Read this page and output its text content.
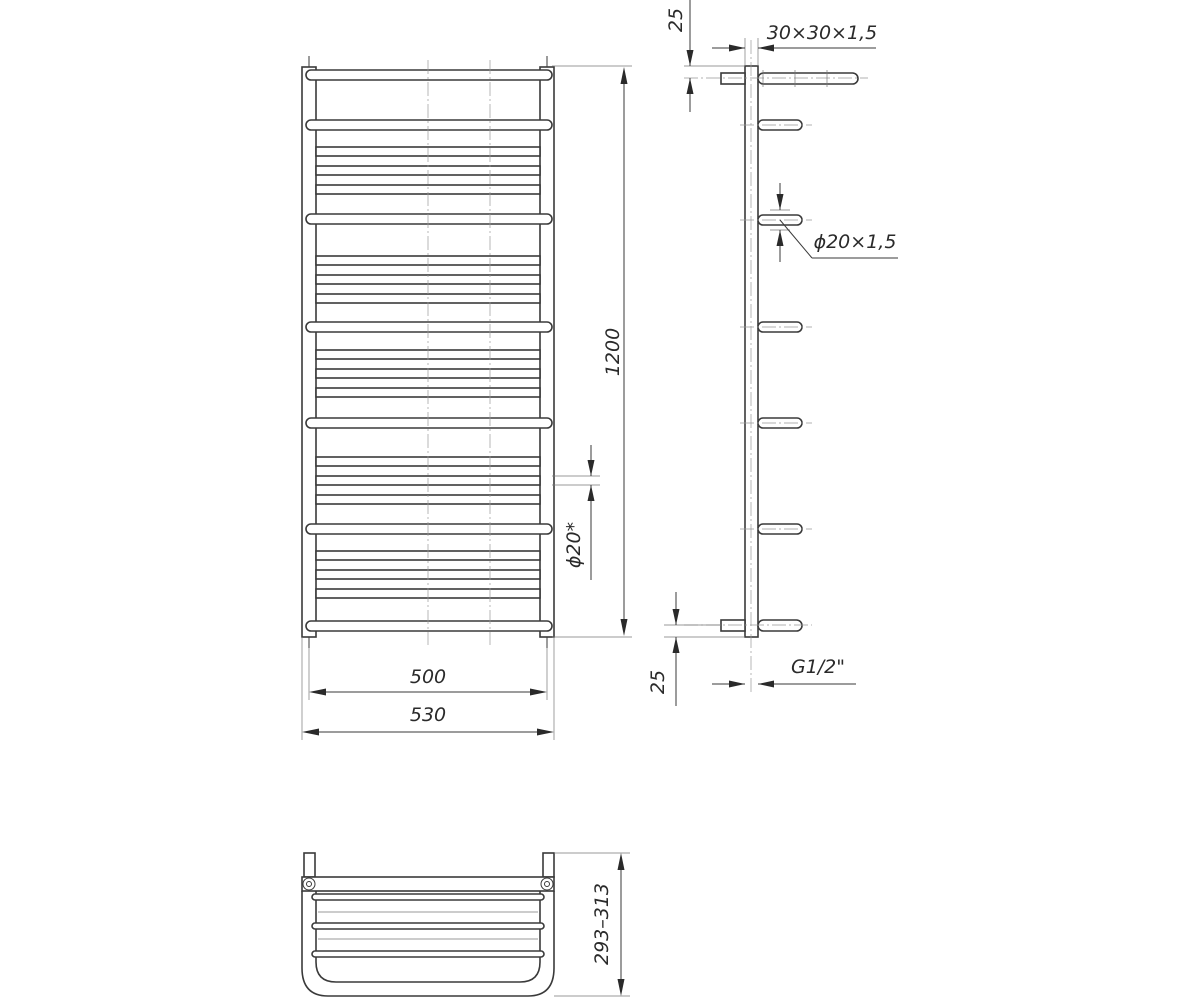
1200
ϕ20*
500
530
30×30×1,5
25
ϕ20×1,5
25
G1/2"
293–313
